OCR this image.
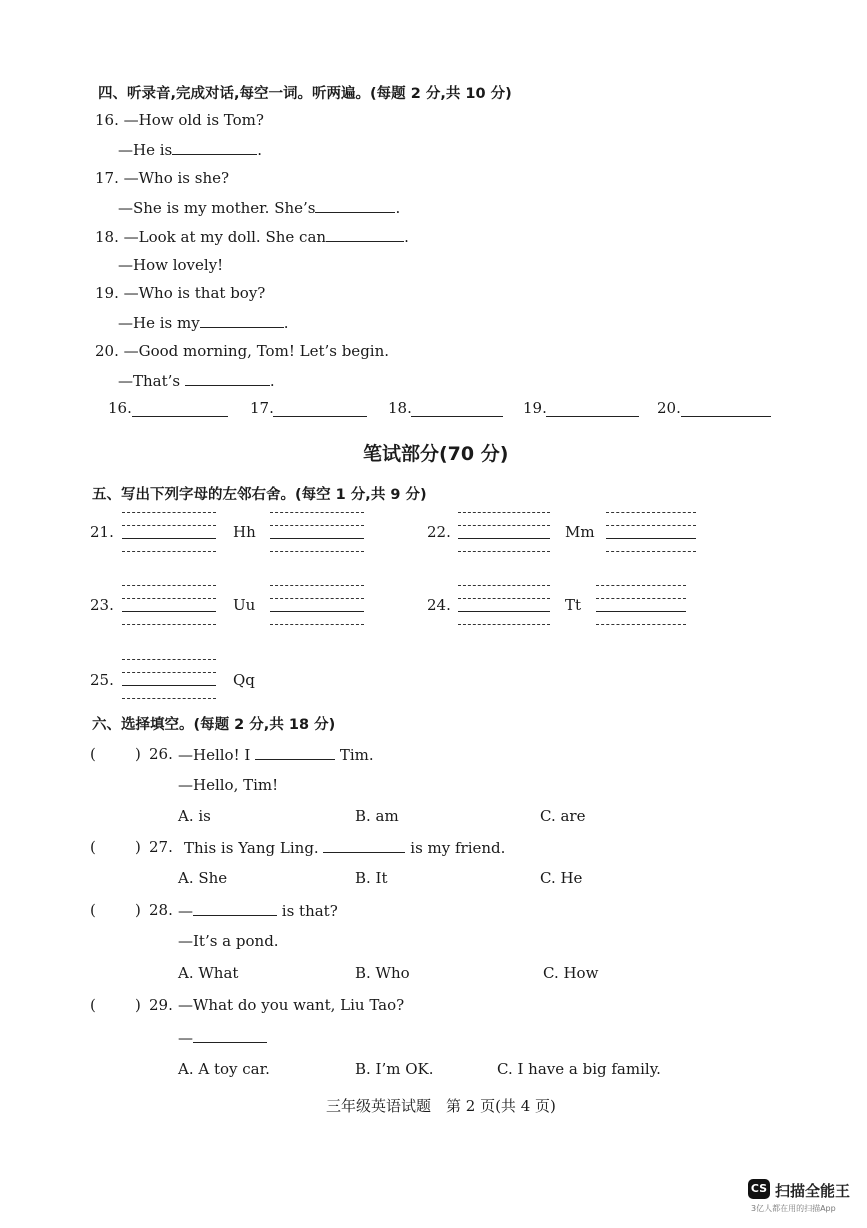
四、听录音,完成对话,每空一词。听两遍。(每题 2 分,共 10 分)
16. —How old is Tom?
—He is	.
17. —Who is she?
—She is my mother. She’s	.
18. —Look at my doll. She can	.
—How lovely!
19. —Who is that boy?
—He is my	.
20. —Good morning, Tom! Let’s begin.
—That’s	.
16.	17.	18.	19.	20.
笔试部分(70 分)
五、写出下列字母的左邻右舍。(每空 1 分,共 9 分)
21.	Hh	22.	Mm
23.	Uu	24.	Tt
25.	Qq
六、选择填空。(每题 2 分,共 18 分)
(	) 26. —Hello! I	Tim.
—Hello, Tim!
A. is	B. am	C. are
(	) 27. This is Yang Ling.	is my friend.
A. She	B. It	C. He
(	) 28. —	is that?
—It’s a pond.
A. What	B. Who	C. How
(	) 29. —What do you want, Liu Tao?
—
A. A toy car.	B. I’m OK.	C. I have a big family.
三年级英语试题　第 2 页(共 4 页)
CS 扫描全能王
3亿人都在用的扫描App
